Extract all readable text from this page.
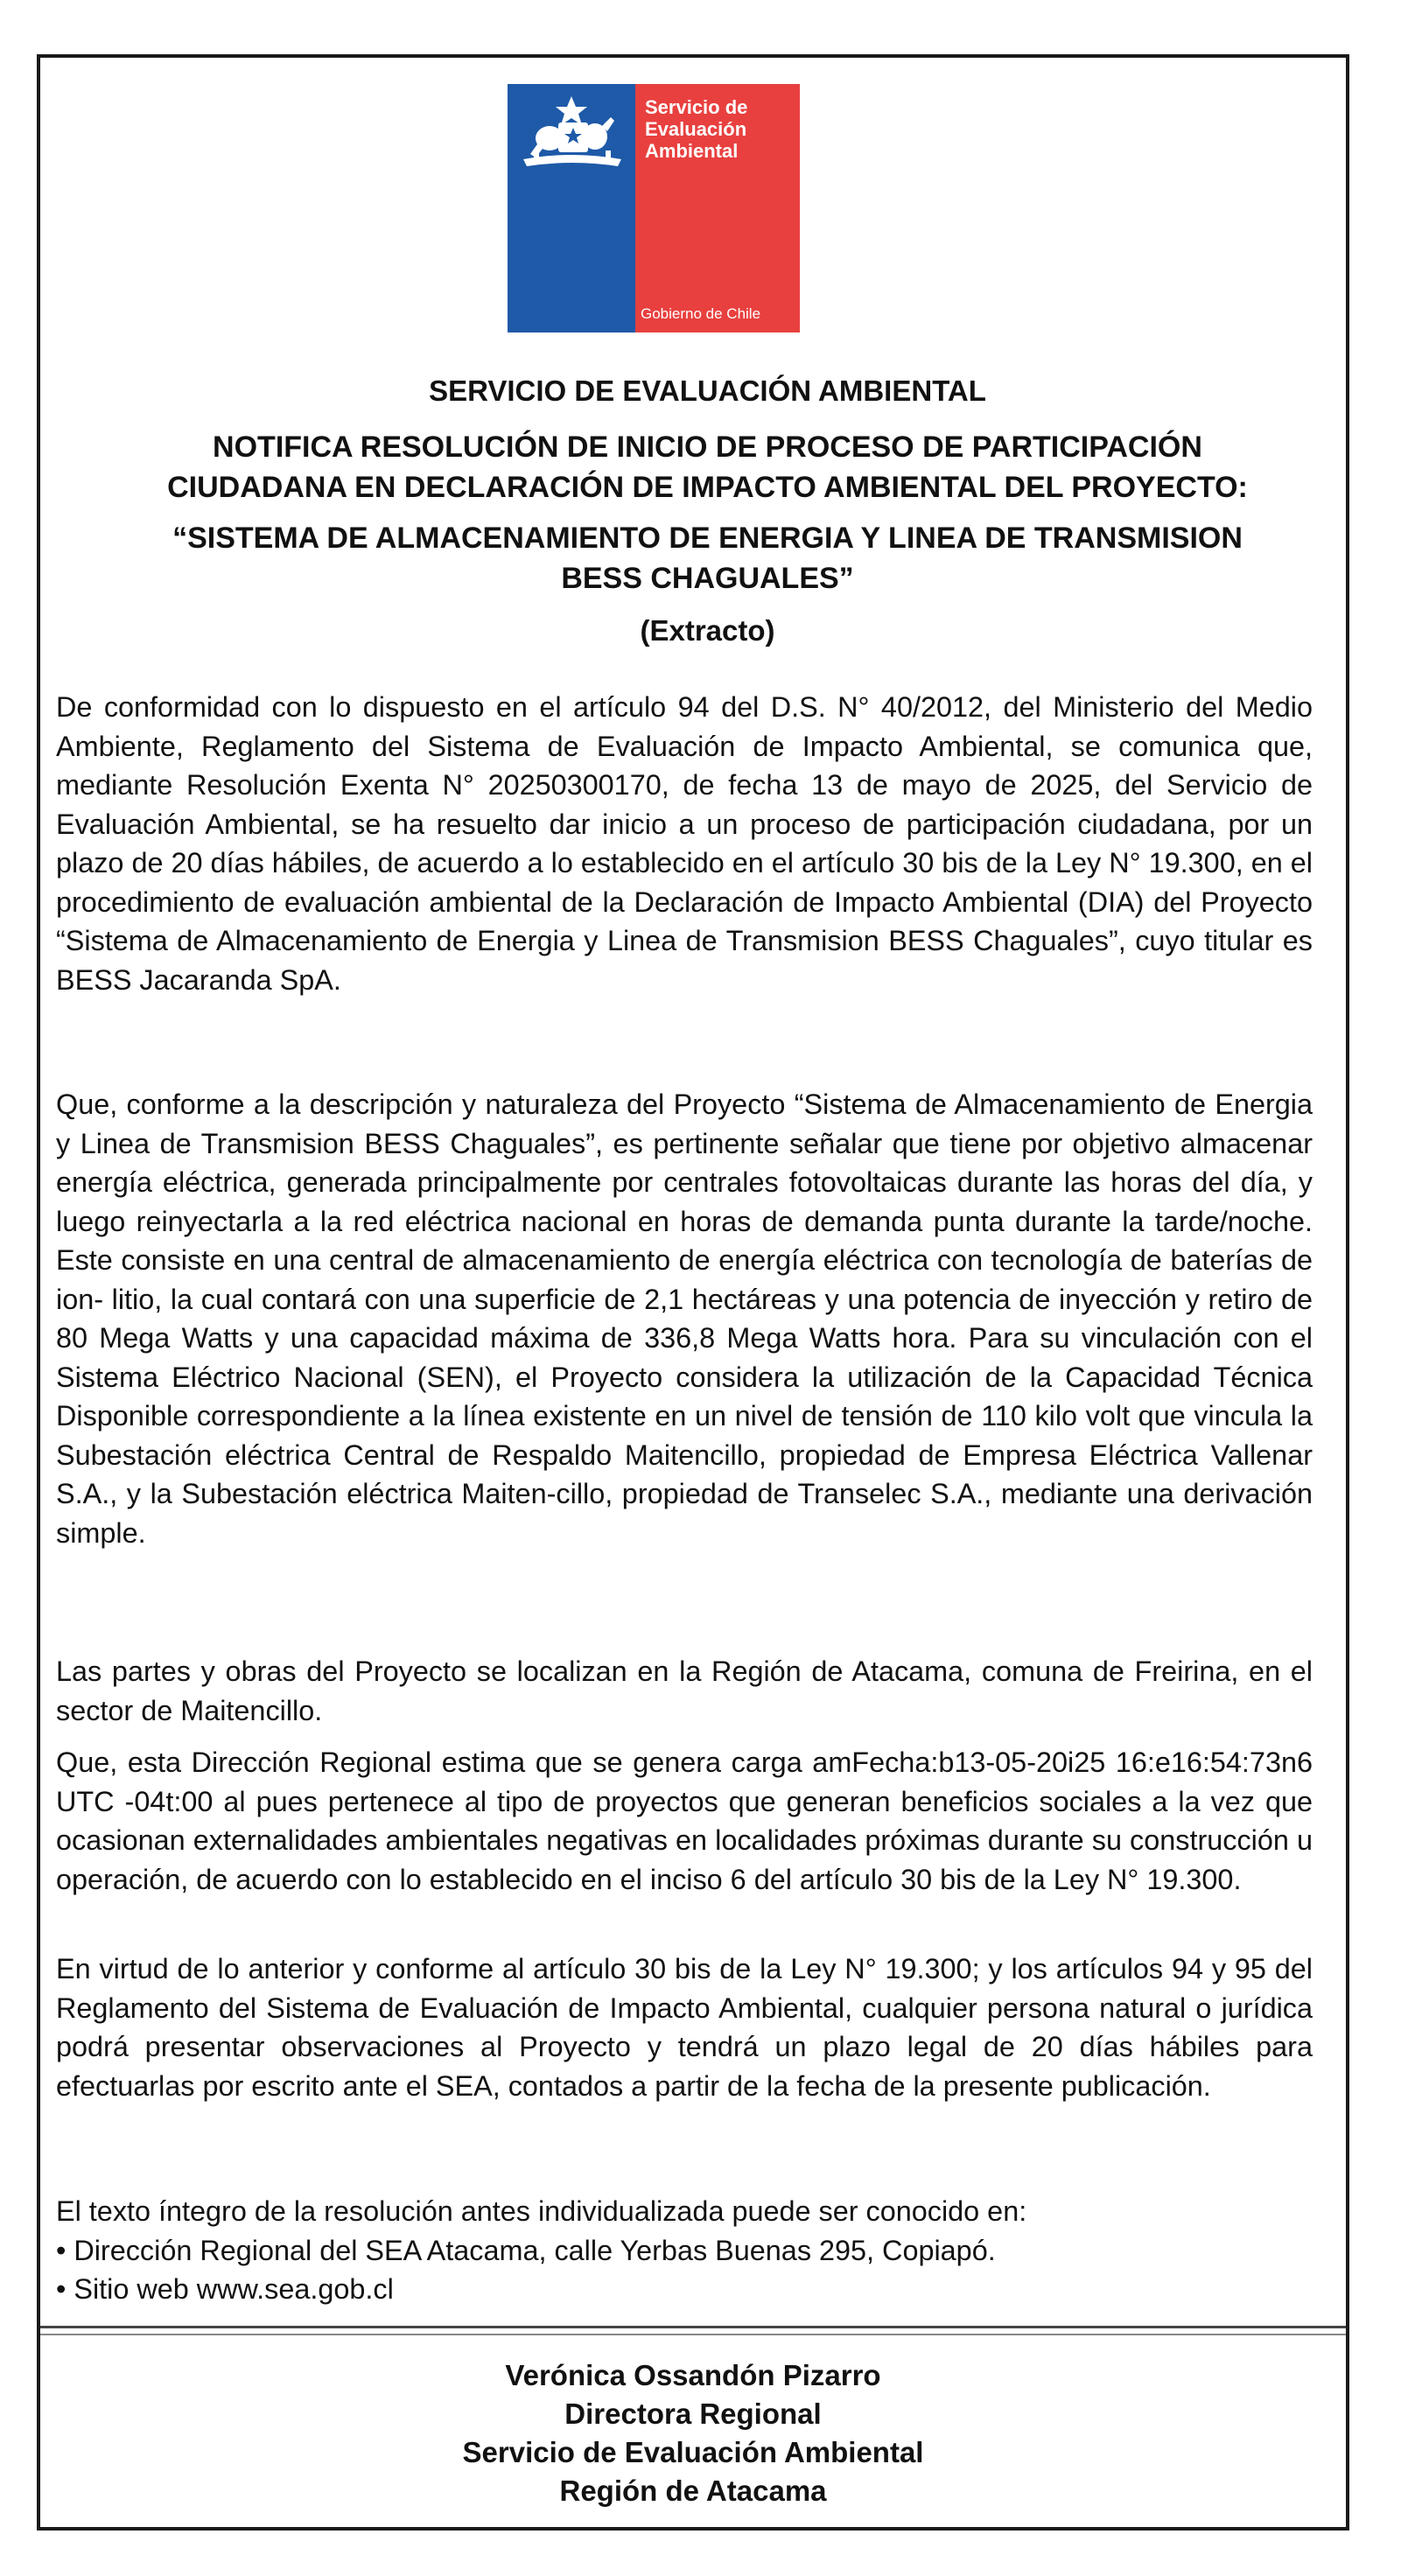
Servicio de
Evaluación
Ambiental
Gobierno de Chile
SERVICIO DE EVALUACIÓN AMBIENTAL
NOTIFICA RESOLUCIÓN DE INICIO DE PROCESO DE PARTICIPACIÓN
CIUDADANA EN DECLARACIÓN DE IMPACTO AMBIENTAL DEL PROYECTO:
“SISTEMA DE ALMACENAMIENTO DE ENERGIA Y LINEA DE TRANSMISION
BESS CHAGUALES”
(Extracto)

De conformidad con lo dispuesto en el artículo 94 del D.S. N° 40/2012, del Ministerio del Medio Ambiente, Reglamento del Sistema de Evaluación de Impacto Ambiental, se comunica que, mediante Resolución Exenta N° 20250300170, de fecha 13 de mayo de 2025, del Servicio de Evaluación Ambiental, se ha resuelto dar inicio a un proceso de participación ciudadana, por un plazo de 20 días hábiles, de acuerdo a lo establecido en el artículo 30 bis de la Ley N° 19.300, en el procedimiento de evaluación ambiental de la Declaración de Impacto Ambiental (DIA) del Proyecto “Sistema de Almacenamiento de Energia y Linea de Transmision BESS Chaguales”, cuyo titular es BESS Jacaranda SpA.

Que, conforme a la descripción y naturaleza del Proyecto “Sistema de Almacenamiento de Energia y Linea de Transmision BESS Chaguales”, es pertinente señalar que tiene por objetivo almacenar energía eléctrica, generada principalmente por centrales fotovoltaicas durante las horas del día, y luego reinyectarla a la red eléctrica nacional en horas de demanda punta durante la tarde/noche. Este consiste en una central de almacenamiento de energía eléctrica con tecnología de baterías de ion- litio, la cual contará con una superficie de 2,1 hectáreas y una potencia de inyección y retiro de 80 Mega Watts y una capacidad máxima de 336,8 Mega Watts hora. Para su vinculación con el Sistema Eléctrico Nacional (SEN), el Proyecto considera la utilización de la Capacidad Técnica Disponible correspondiente a la línea existente en un nivel de tensión de 110 kilo volt que vincula la Subestación eléctrica Central de Respaldo Maitencillo, propiedad de Empresa Eléctrica Vallenar S.A., y la Subestación eléctrica Maiten-cillo, propiedad de Transelec S.A., mediante una derivación simple.

Las partes y obras del Proyecto se localizan en la Región de Atacama, comuna de Freirina, en el sector de Maitencillo.

Que, esta Dirección Regional estima que se genera carga amFecha:b13-05-20i25 16:e16:54:73n6 UTC -04t:00 al pues pertenece al tipo de proyectos que generan beneficios sociales a la vez que ocasionan externalidades ambientales negativas en localidades próximas durante su construcción u operación, de acuerdo con lo establecido en el inciso 6 del artículo 30 bis de la Ley N° 19.300.

En virtud de lo anterior y conforme al artículo 30 bis de la Ley N° 19.300; y los artículos 94 y 95 del Reglamento del Sistema de Evaluación de Impacto Ambiental, cualquier persona natural o jurídica podrá presentar observaciones al Proyecto y tendrá un plazo legal de 20 días hábiles para efectuarlas por escrito ante el SEA, contados a partir de la fecha de la presente publicación.

El texto íntegro de la resolución antes individualizada puede ser conocido en:
• Dirección Regional del SEA Atacama, calle Yerbas Buenas 295, Copiapó.
• Sitio web www.sea.gob.cl
Verónica Ossandón Pizarro
Directora Regional
Servicio de Evaluación Ambiental
Región de Atacama
